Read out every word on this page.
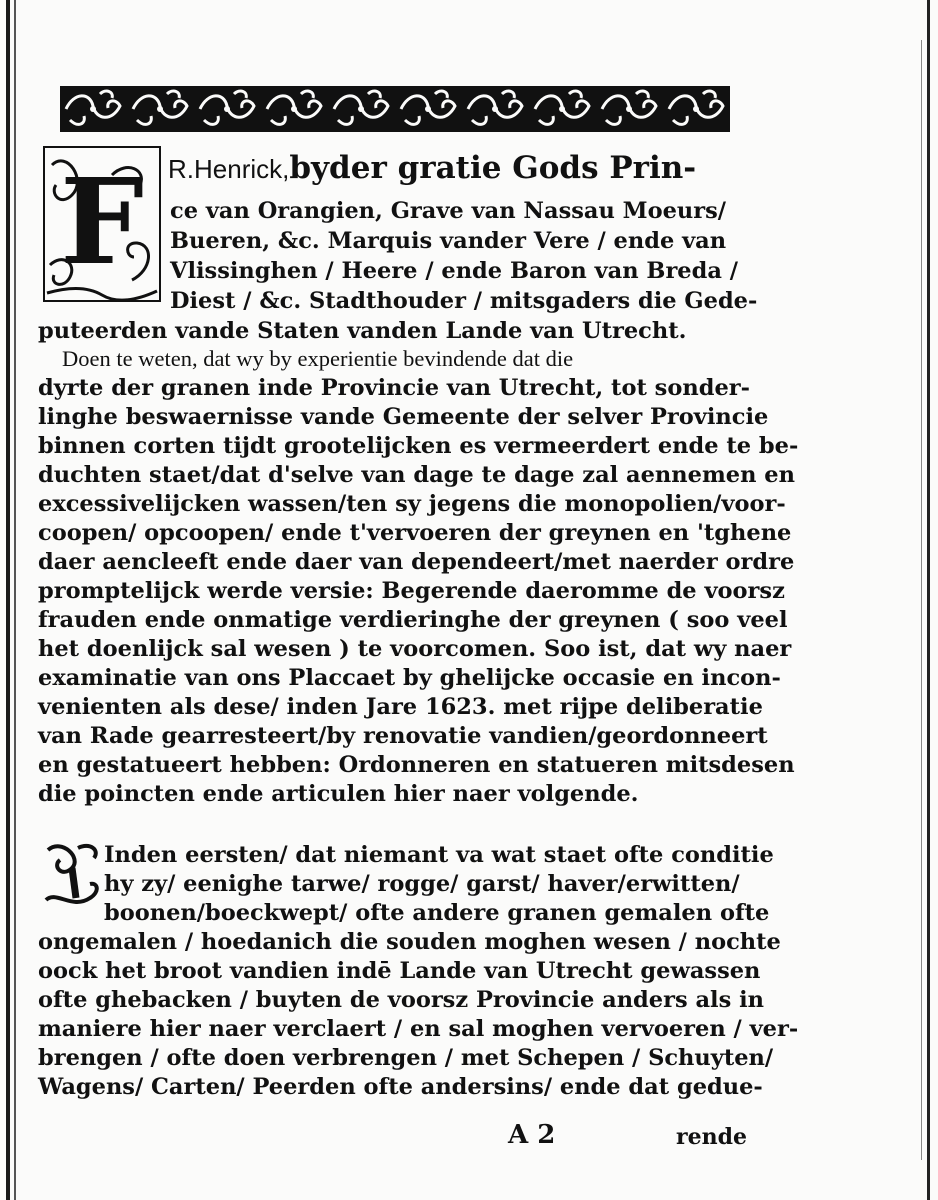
F R.Henrick,byder gratie Gods Prin-
ce van Orangien, Grave van Nassau Moeurs/
Bueren, &c. Marquis vander Vere / ende van
Vlissinghen / Heere / ende Baron van Breda /
Diest / &c. Stadthouder / mitsgaders die Gede-
puteerden vande Staten vanden Lande van Utrecht.
Doen te weten, dat wy by experientie bevindende dat die
dyrte der granen inde Provincie van Utrecht, tot sonder-
linghe beswaernisse vande Gemeente der selver Provincie
binnen corten tijdt grootelijcken es vermeerdert ende te be-
duchten staet/dat d'selve van dage te dage zal aennemen en
excessivelijcken wassen/ten sy jegens die monopolien/voor-
coopen/ opcoopen/ ende t'vervoeren der greynen en 'tghene
daer aencleeft ende daer van dependeert/met naerder ordre
promptelijck werde versie: Begerende daeromme de voorsz
frauden ende onmatige verdieringhe der greynen ( soo veel
het doenlijck sal wesen ) te voorcomen. Soo ist, dat wy naer
examinatie van ons Placcaet by ghelijcke occasie en incon-
venienten als dese/ inden Jare 1623. met rijpe deliberatie
van Rade gearresteert/by renovatie vandien/geordonneert
en gestatueert hebben: Ordonneren en statueren mitsdesen
die poincten ende articulen hier naer volgende.
Inden eersten/ dat niemant va wat staet ofte conditie
hy zy/ eenighe tarwe/ rogge/ garst/ haver/erwitten/
boonen/boeckwept/ ofte andere granen gemalen ofte
ongemalen / hoedanich die souden moghen wesen / nochte
oock het broot vandien indē Lande van Utrecht gewassen
ofte ghebacken / buyten de voorsz Provincie anders als in
maniere hier naer verclaert / en sal moghen vervoeren / ver-
brengen / ofte doen verbrengen / met Schepen / Schuyten/
Wagens/ Carten/ Peerden ofte andersins/ ende dat gedue-
A 2	rende
